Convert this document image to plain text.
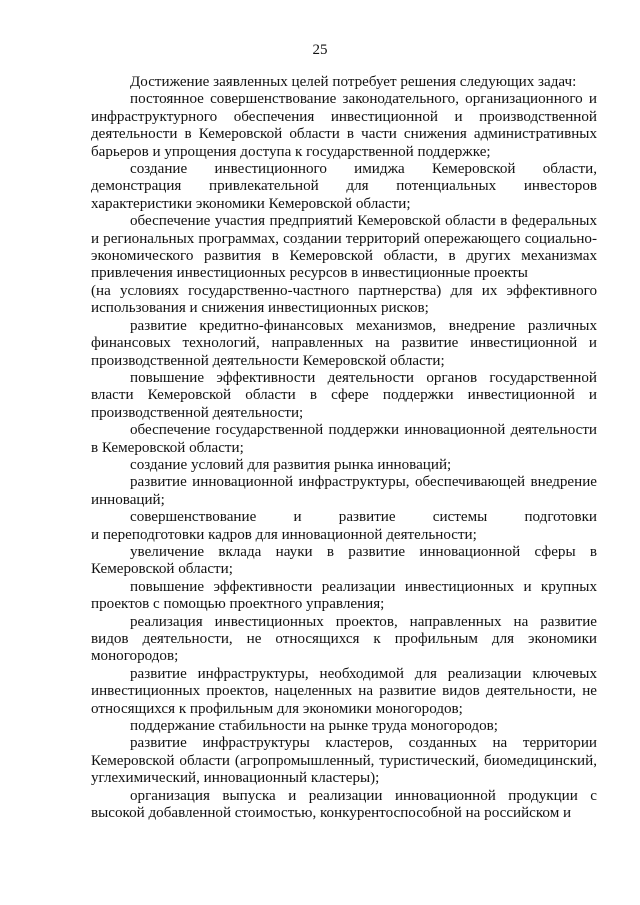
25

Достижение заявленных целей потребует решения следующих задач:

постоянное совершенствование законодательного, организационного и инфраструктурного обеспечения инвестиционной и производственной деятельности в Кемеровской области в части снижения административных барьеров и упрощения доступа к государственной поддержке;

создание инвестиционного имиджа Кемеровской области, демонстрация привлекательной для потенциальных инвесторов характеристики экономики Кемеровской области;

обеспечение участия предприятий Кемеровской области в федеральных и региональных программах, создании территорий опережающего социально-экономического развития в Кемеровской области, в других механизмах привлечения инвестиционных ресурсов в инвестиционные проекты

(на условиях государственно-частного партнерства) для их эффективного использования и снижения инвестиционных рисков;

развитие кредитно-финансовых механизмов, внедрение различных финансовых технологий, направленных на развитие инвестиционной и производственной деятельности Кемеровской области;

повышение эффективности деятельности органов государственной власти Кемеровской области в сфере поддержки инвестиционной и производственной деятельности;

обеспечение государственной поддержки инновационной деятельности в Кемеровской области;

создание условий для развития рынка инноваций;

развитие инновационной инфраструктуры, обеспечивающей внедрение инноваций;

совершенствование и развитие системы подготовки

и переподготовки кадров для инновационной деятельности;

увеличение вклада науки в развитие инновационной сферы в Кемеровской области;

повышение эффективности реализации инвестиционных и крупных проектов с помощью проектного управления;

реализация инвестиционных проектов, направленных на развитие видов деятельности, не относящихся к профильным для экономики моногородов;

развитие инфраструктуры, необходимой для реализации ключевых инвестиционных проектов, нацеленных на развитие видов деятельности, не относящихся к профильным для экономики моногородов;

поддержание стабильности на рынке труда моногородов;

развитие инфраструктуры кластеров, созданных на территории Кемеровской области (агропромышленный, туристический, биомедицинский, углехимический, инновационный кластеры);

организация выпуска и реализации инновационной продукции с высокой добавленной стоимостью, конкурентоспособной на российском и
